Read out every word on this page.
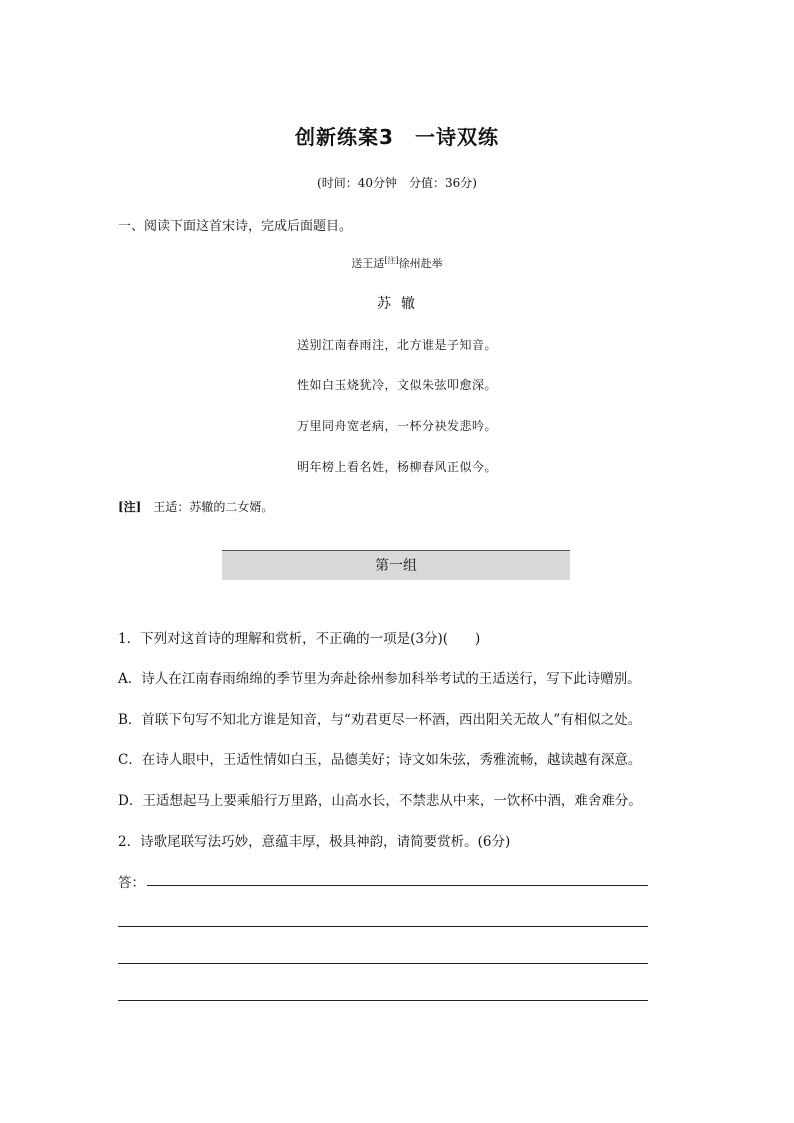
创新练案3　一诗双练
(时间：40分钟　分值：36分)
一、阅读下面这首宋诗，完成后面题目。
送王适[注]徐州赴举
苏辙
送别江南春雨注，北方谁是子知音。
性如白玉烧犹冷，文似朱弦叩愈深。
万里同舟宽老病，一杯分袂发悲吟。
明年榜上看名姓，杨柳春风正似今。
[注] 王适：苏辙的二女婿。
第一组
1．下列对这首诗的理解和赏析，不正确的一项是(3分)(　　)
A．诗人在江南春雨绵绵的季节里为奔赴徐州参加科举考试的王适送行，写下此诗赠别。
B．首联下句写不知北方谁是知音，与“劝君更尽一杯酒，西出阳关无故人”有相似之处。
C．在诗人眼中，王适性情如白玉，品德美好；诗文如朱弦，秀雅流畅，越读越有深意。
D．王适想起马上要乘船行万里路，山高水长，不禁悲从中来，一饮杯中酒，难舍难分。
2．诗歌尾联写法巧妙，意蕴丰厚，极具神韵，请简要赏析。(6分)
答：
